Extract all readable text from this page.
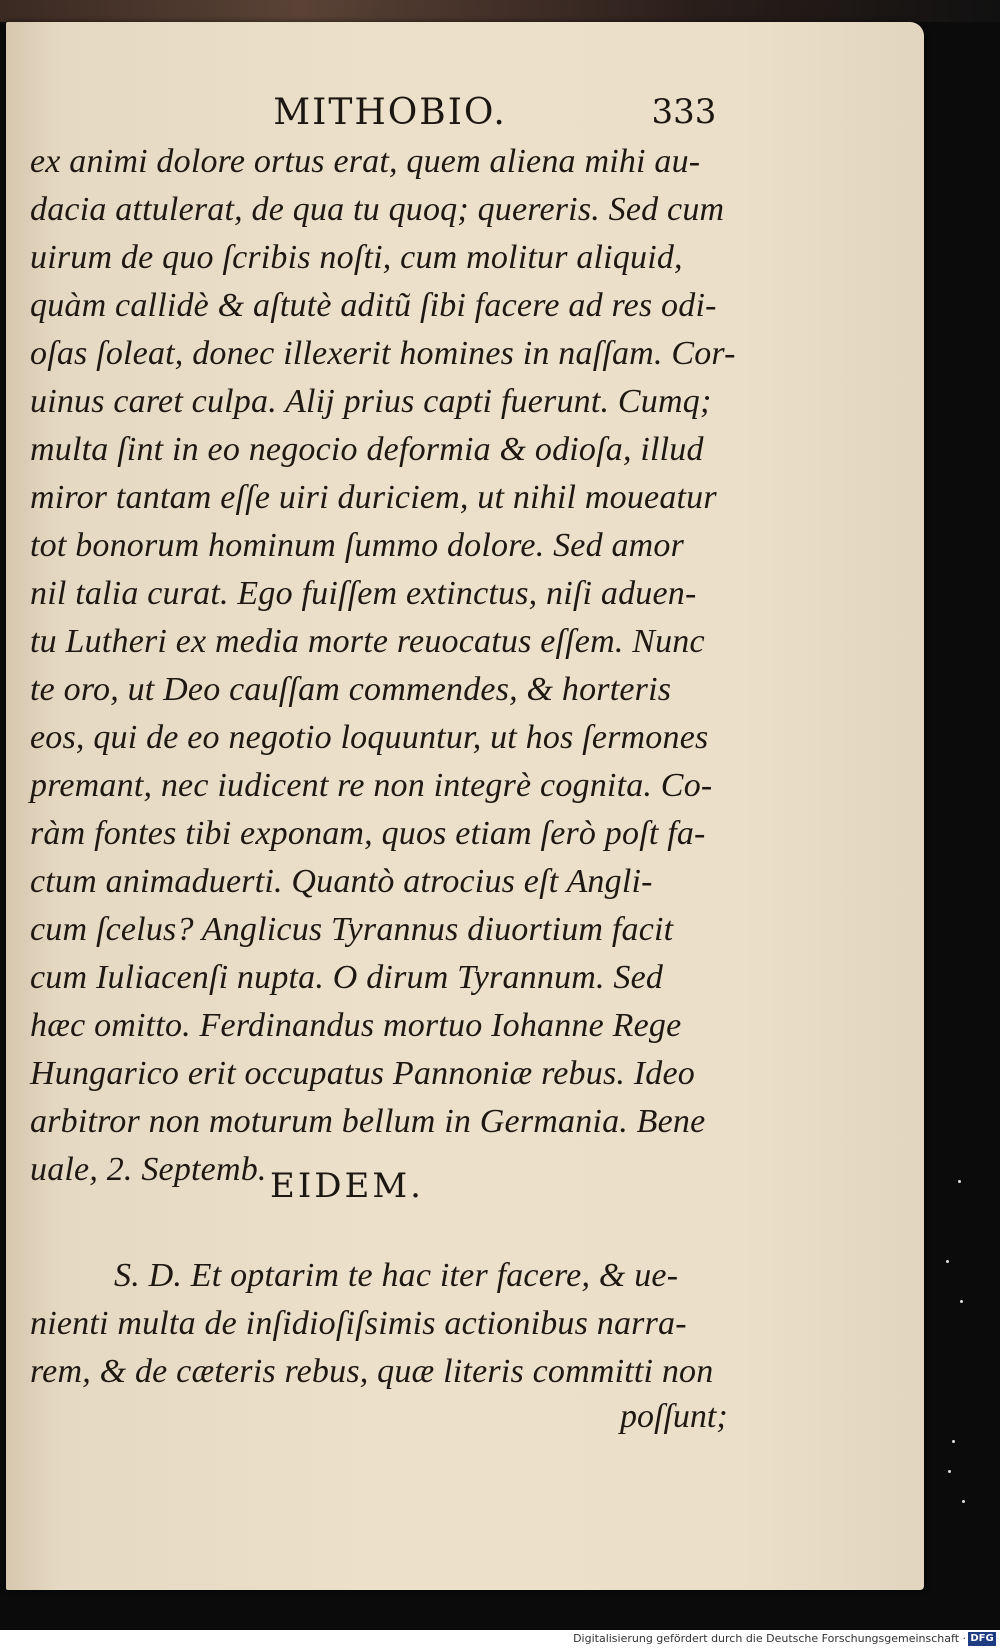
MITHOBIO.	333
ex animi dolore ortus erat, quem aliena mihi au-
dacia attulerat, de qua tu quoq; quereris. Sed cum
uirum de quo ſcribis noſti, cum molitur aliquid,
quàm callidè & aſtutè aditũ ſibi facere ad res odi-
oſas ſoleat, donec illexerit homines in naſſam. Cor-
uinus caret culpa. Alij prius capti fuerunt. Cumq;
multa ſint in eo negocio deformia & odioſa, illud
miror tantam eſſe uiri duriciem, ut nihil moueatur
tot bonorum hominum ſummo dolore. Sed amor
nil talia curat. Ego fuiſſem extinctus, niſi aduen-
tu Lutheri ex media morte reuocatus eſſem. Nunc
te oro, ut Deo cauſſam commendes, & horteris
eos, qui de eo negotio loquuntur, ut hos ſermones
premant, nec iudicent re non integrè cognita. Co-
ràm fontes tibi exponam, quos etiam ſerò poſt fa-
ctum animaduerti. Quantò atrocius eſt Angli-
cum ſcelus? Anglicus Tyrannus diuortium facit
cum Iuliacenſi nupta. O dirum Tyrannum. Sed
hæc omitto. Ferdinandus mortuo Iohanne Rege
Hungarico erit occupatus Pannoniæ rebus. Ideo
arbitror non moturum bellum in Germania. Bene
uale, 2. Septemb. EIDEM.
S. D. Et optarim te hac iter facere, & ue-
nienti multa de inſidioſiſsimis actionibus narra-
rem, & de cæteris rebus, quæ literis committi non
poſſunt;
Digitalisierung gefördert durch die Deutsche Forschungsgemeinschaft · DFG
